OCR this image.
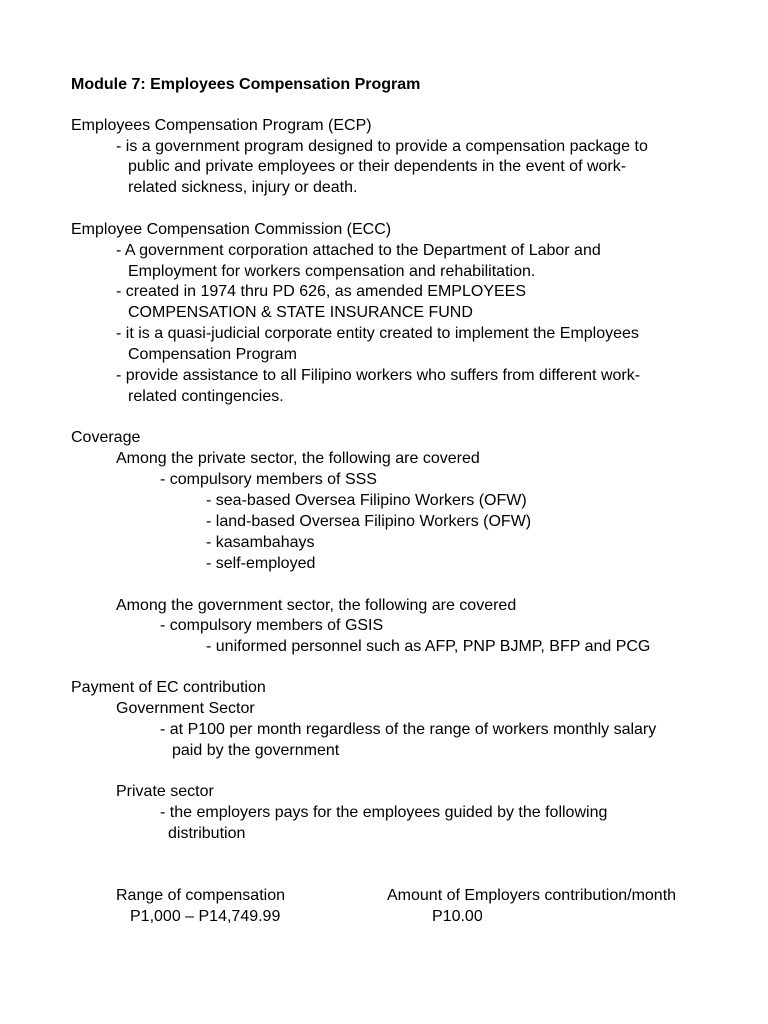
Module 7: Employees Compensation Program
Employees Compensation Program (ECP)
- is a government program designed to provide a compensation package to
public and private employees or their dependents in the event of work-
related sickness, injury or death.
Employee Compensation Commission (ECC)
- A government corporation attached to the Department of Labor and
Employment for workers compensation and rehabilitation.
- created in 1974 thru PD 626, as amended EMPLOYEES
COMPENSATION & STATE INSURANCE FUND
- it is a quasi-judicial corporate entity created to implement the Employees
Compensation Program
- provide assistance to all Filipino workers who suffers from different work-
related contingencies.
Coverage
Among the private sector, the following are covered
- compulsory members of SSS
- sea-based Oversea Filipino Workers (OFW)
- land-based Oversea Filipino Workers (OFW)
- kasambahays
- self-employed
Among the government sector, the following are covered
- compulsory members of GSIS
- uniformed personnel such as AFP, PNP BJMP, BFP and PCG
Payment of EC contribution
Government Sector
- at P100 per month regardless of the range of workers monthly salary
paid by the government
Private sector
- the employers pays for the employees guided by the following
distribution
Range of compensation	Amount of Employers contribution/month
P1,000 – P14,749.99	P10.00
